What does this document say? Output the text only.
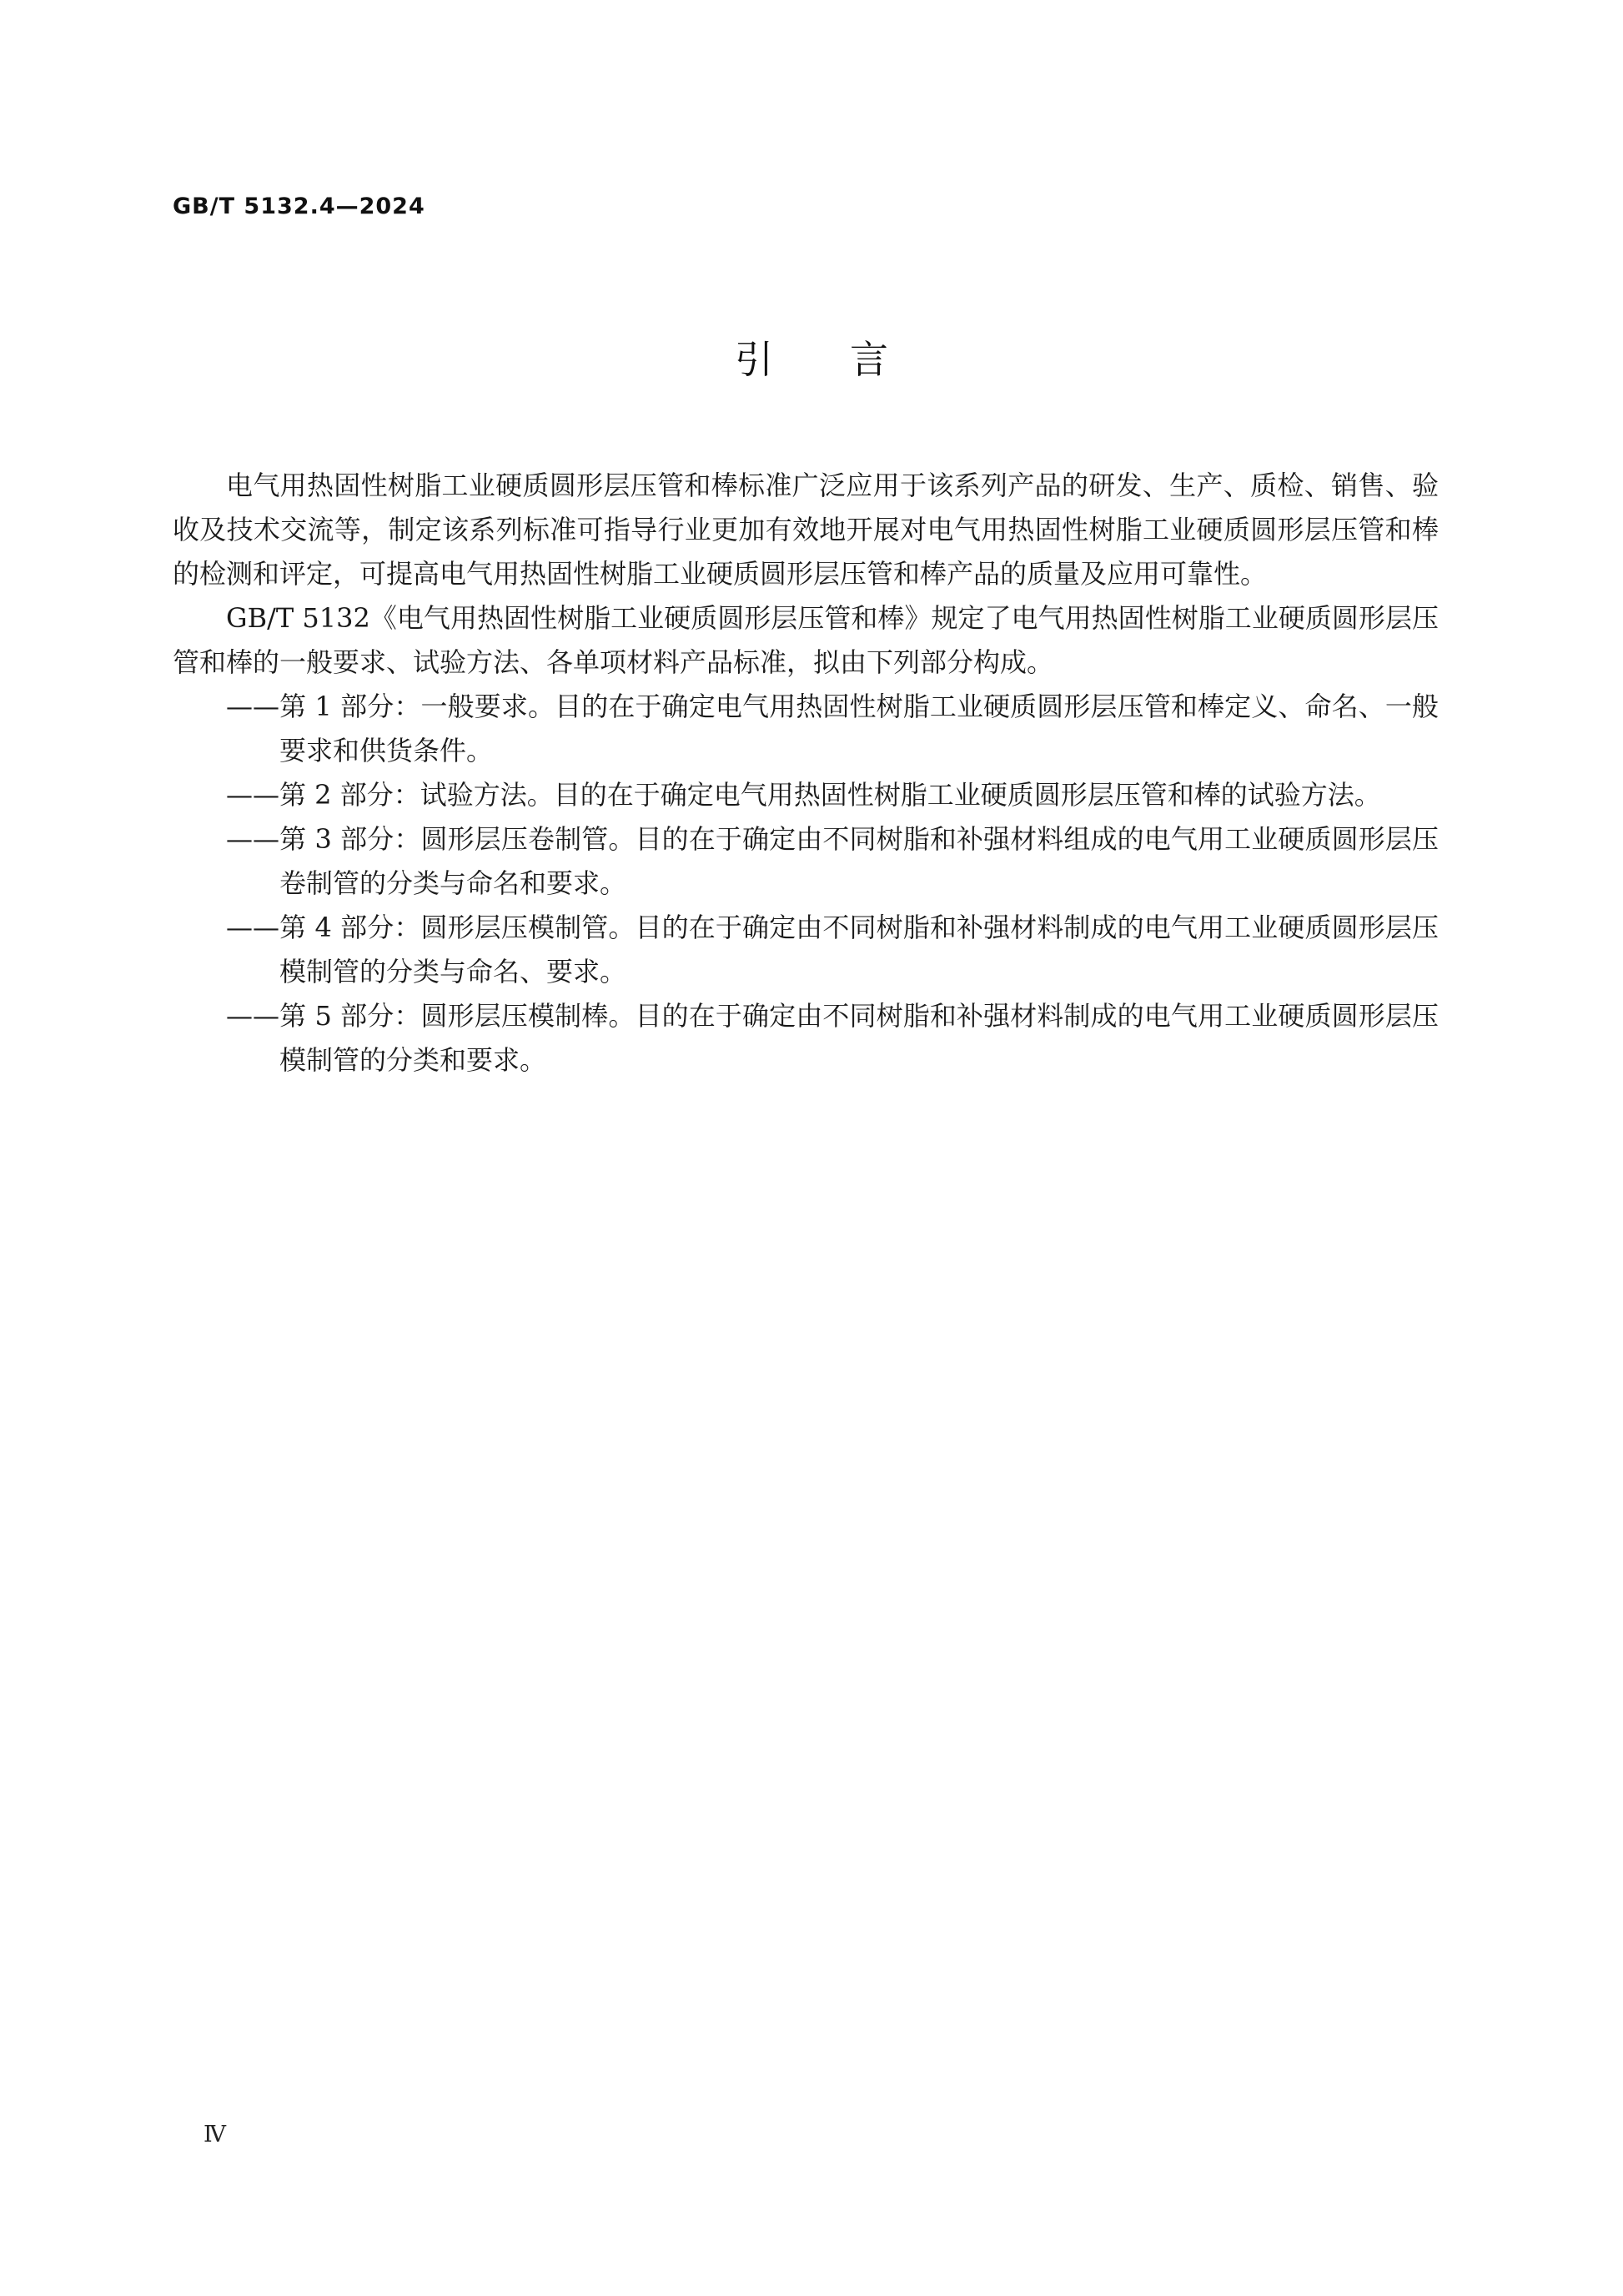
GB/T 5132.4—2024
引 言

电气用热固性树脂工业硬质圆形层压管和棒标准广泛应用于该系列产品的研发、生产、质检、销售、验收及技术交流等，制定该系列标准可指导行业更加有效地开展对电气用热固性树脂工业硬质圆形层压管和棒的检测和评定，可提高电气用热固性树脂工业硬质圆形层压管和棒产品的质量及应用可靠性。

GB/T 5132《电气用热固性树脂工业硬质圆形层压管和棒》规定了电气用热固性树脂工业硬质圆形层压管和棒的一般要求、试验方法、各单项材料产品标准，拟由下列部分构成。

——第 1 部分：一般要求。目的在于确定电气用热固性树脂工业硬质圆形层压管和棒定义、命名、一般要求和供货条件。

——第 2 部分：试验方法。目的在于确定电气用热固性树脂工业硬质圆形层压管和棒的试验方法。

——第 3 部分：圆形层压卷制管。目的在于确定由不同树脂和补强材料组成的电气用工业硬质圆形层压卷制管的分类与命名和要求。

——第 4 部分：圆形层压模制管。目的在于确定由不同树脂和补强材料制成的电气用工业硬质圆形层压模制管的分类与命名、要求。

——第 5 部分：圆形层压模制棒。目的在于确定由不同树脂和补强材料制成的电气用工业硬质圆形层压模制管的分类和要求。

Ⅳ
